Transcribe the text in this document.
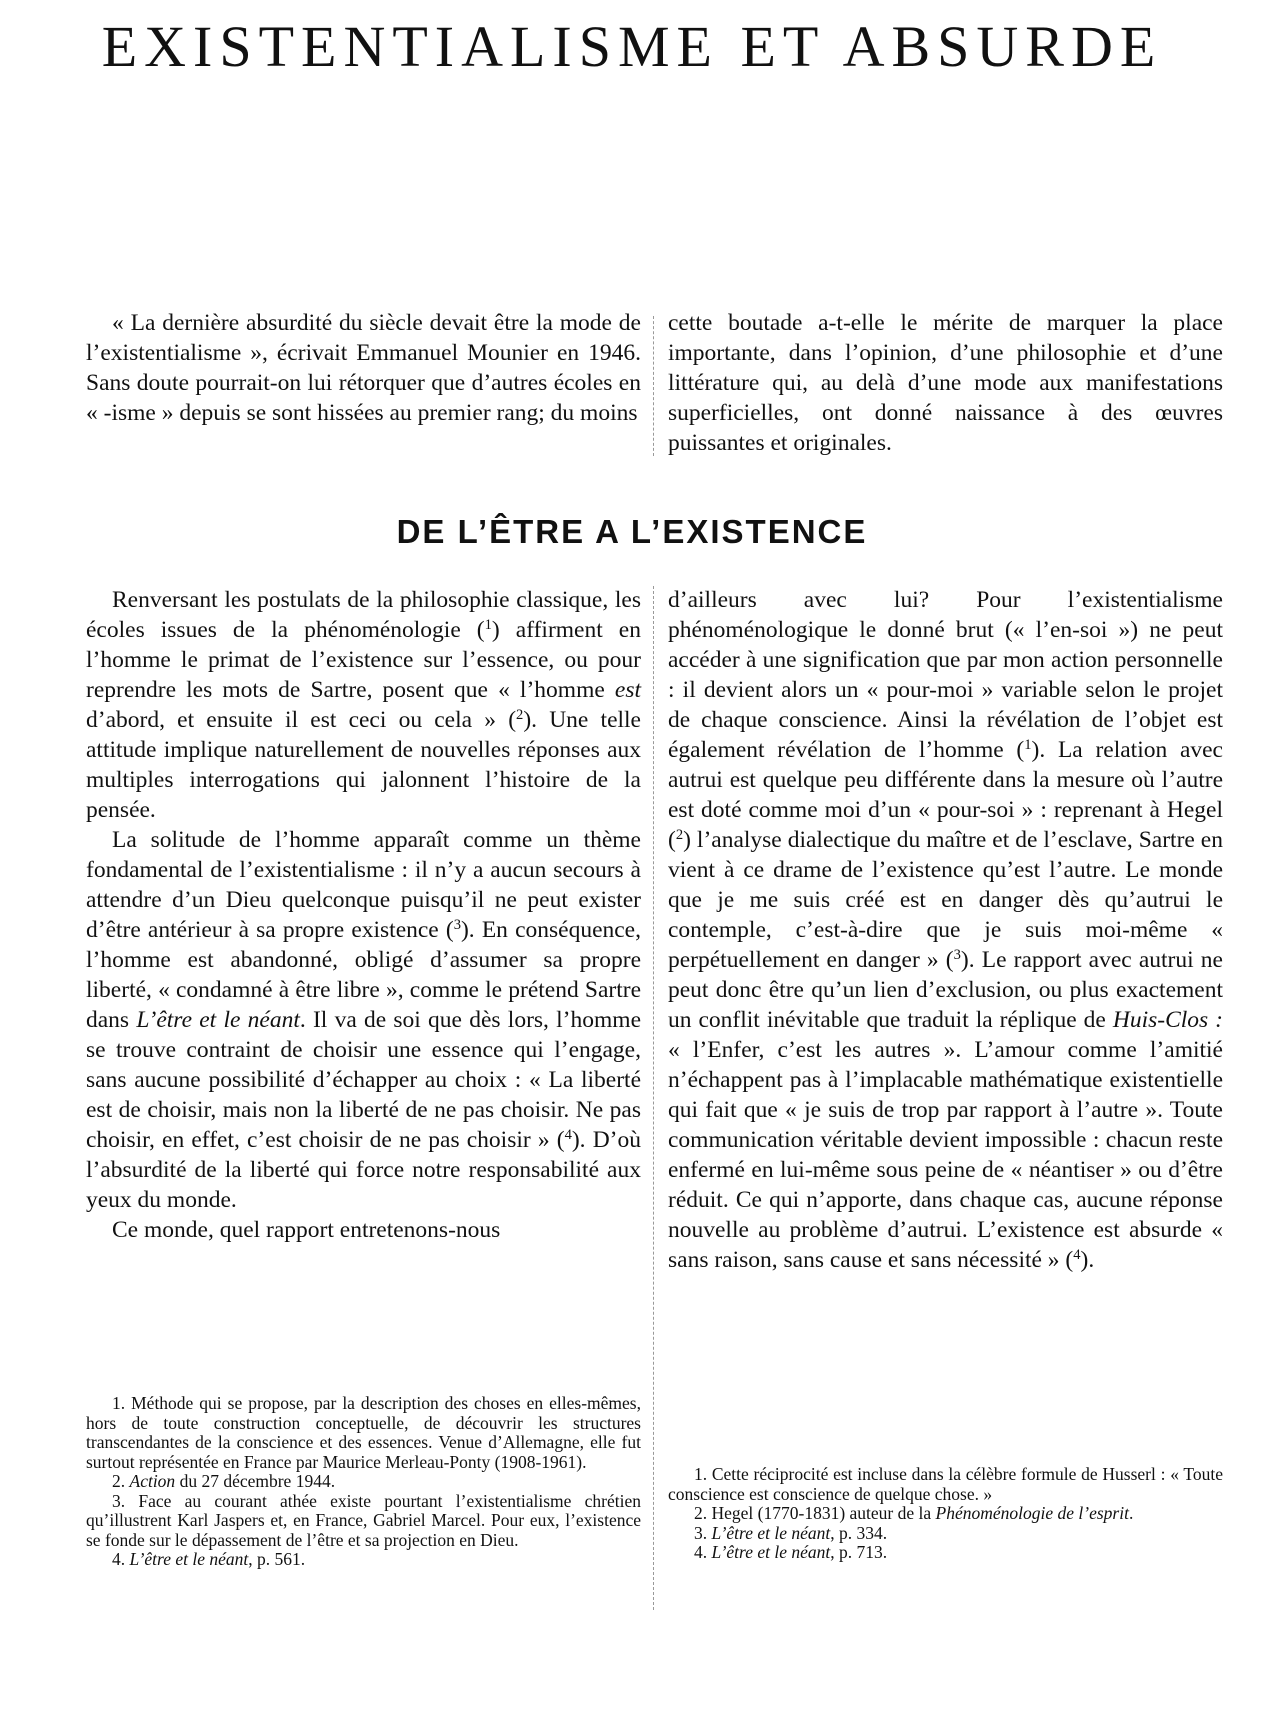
EXISTENTIALISME ET ABSURDE

« La dernière absurdité du siècle devait être la mode de l’existentialisme », écrivait Emmanuel Mounier en 1946. Sans doute pourrait-on lui rétorquer que d’autres écoles en « -isme » depuis se sont hissées au premier rang; du moins

cette boutade a-t-elle le mérite de marquer la place importante, dans l’opinion, d’une philosophie et d’une littérature qui, au delà d’une mode aux manifestations superficielles, ont donné naissance à des œuvres puissantes et originales.

DE L’ÊTRE A L’EXISTENCE

Renversant les postulats de la philosophie classique, les écoles issues de la phénoménologie ($^1$) affirment en l’homme le primat de l’existence sur l’essence, ou pour reprendre les mots de Sartre, posent que « l’homme est d’abord, et ensuite il est ceci ou cela » ($^2$). Une telle attitude implique naturellement de nouvelles réponses aux multiples interrogations qui jalonnent l’histoire de la pensée.

La solitude de l’homme apparaît comme un thème fondamental de l’existentialisme : il n’y a aucun secours à attendre d’un Dieu quelconque puisqu’il ne peut exister d’être antérieur à sa propre existence ($^3$). En conséquence, l’homme est abandonné, obligé d’assumer sa propre liberté, « condamné à être libre », comme le prétend Sartre dans L’être et le néant. Il va de soi que dès lors, l’homme se trouve contraint de choisir une essence qui l’engage, sans aucune possibilité d’échapper au choix : « La liberté est de choisir, mais non la liberté de ne pas choisir. Ne pas choisir, en effet, c’est choisir de ne pas choisir » ($^4$). D’où l’absurdité de la liberté qui force notre responsabilité aux yeux du monde.

Ce monde, quel rapport entretenons-nous

d’ailleurs avec lui? Pour l’existentialisme phénoménologique le donné brut (« l’en-soi ») ne peut accéder à une signification que par mon action personnelle : il devient alors un « pour-moi » variable selon le projet de chaque conscience. Ainsi la révélation de l’objet est également révélation de l’homme ($^1$). La relation avec autrui est quelque peu différente dans la mesure où l’autre est doté comme moi d’un « pour-soi » : reprenant à Hegel ($^2$) l’analyse dialectique du maître et de l’esclave, Sartre en vient à ce drame de l’existence qu’est l’autre. Le monde que je me suis créé est en danger dès qu’autrui le contemple, c’est-à-dire que je suis moi-même « perpétuellement en danger » ($^3$). Le rapport avec autrui ne peut donc être qu’un lien d’exclusion, ou plus exactement un conflit inévitable que traduit la réplique de Huis-Clos : « l’Enfer, c’est les autres ». L’amour comme l’amitié n’échappent pas à l’implacable mathématique existentielle qui fait que « je suis de trop par rapport à l’autre ». Toute communication véritable devient impossible : chacun reste enfermé en lui-même sous peine de « néantiser » ou d’être réduit. Ce qui n’apporte, dans chaque cas, aucune réponse nouvelle au problème d’autrui. L’existence est absurde « sans raison, sans cause et sans nécessité » ($^4$).

1. Méthode qui se propose, par la description des choses en elles-mêmes, hors de toute construction conceptuelle, de découvrir les structures transcendantes de la conscience et des essences. Venue d’Allemagne, elle fut surtout représentée en France par Maurice Merleau-Ponty (1908-1961).

2. Action du 27 décembre 1944.

3. Face au courant athée existe pourtant l’existentialisme chrétien qu’illustrent Karl Jaspers et, en France, Gabriel Marcel. Pour eux, l’existence se fonde sur le dépassement de l’être et sa projection en Dieu.

4. L’être et le néant, p. 561.

1. Cette réciprocité est incluse dans la célèbre formule de Husserl : « Toute conscience est conscience de quelque chose. »

2. Hegel (1770-1831) auteur de la Phénoménologie de l’esprit.

3. L’être et le néant, p. 334.

4. L’être et le néant, p. 713.
